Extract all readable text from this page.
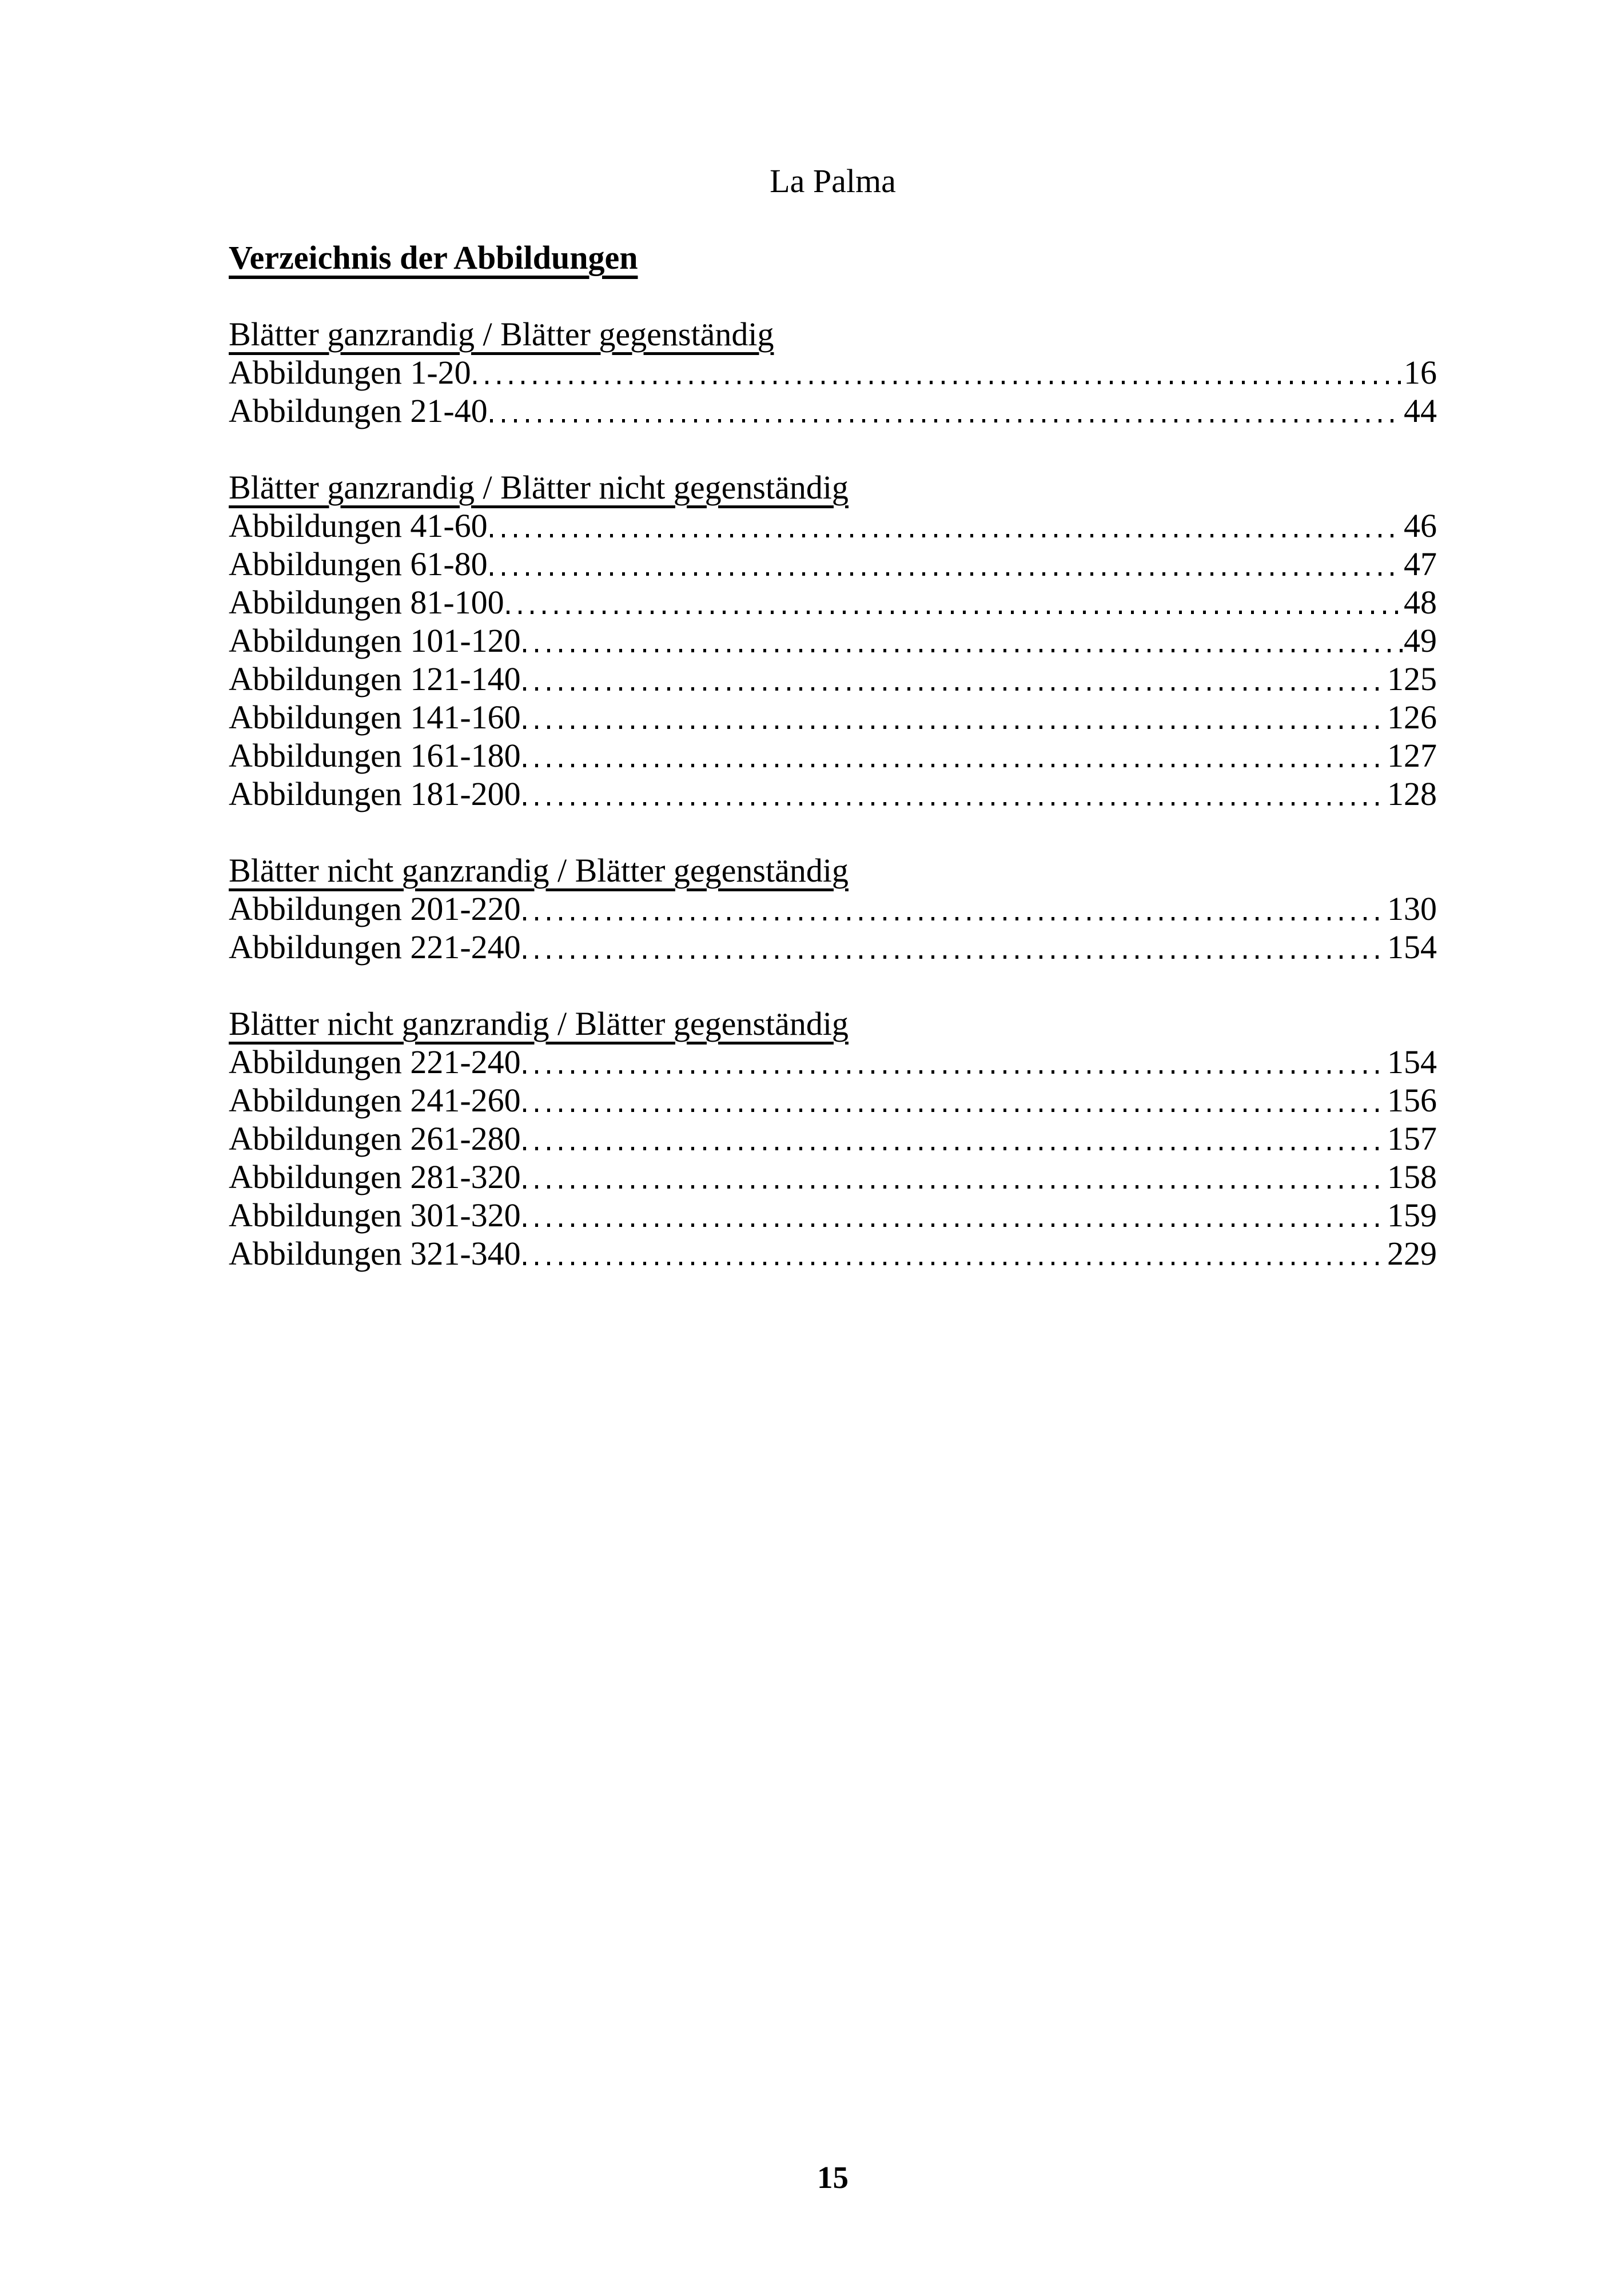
La Palma
Verzeichnis der Abbildungen
Blätter ganzrandig / Blätter gegenständig
Abbildungen 1-20	16
Abbildungen 21-40	44
Blätter ganzrandig / Blätter nicht gegenständig
Abbildungen 41-60	46
Abbildungen 61-80	47
Abbildungen 81-100	48
Abbildungen 101-120	49
Abbildungen 121-140	125
Abbildungen 141-160	126
Abbildungen 161-180	127
Abbildungen 181-200	128
Blätter nicht ganzrandig / Blätter gegenständig
Abbildungen 201-220	130
Abbildungen 221-240	154
Blätter nicht ganzrandig / Blätter gegenständig
Abbildungen 221-240	154
Abbildungen 241-260	156
Abbildungen 261-280	157
Abbildungen 281-320	158
Abbildungen 301-320	159
Abbildungen 321-340	229
15
